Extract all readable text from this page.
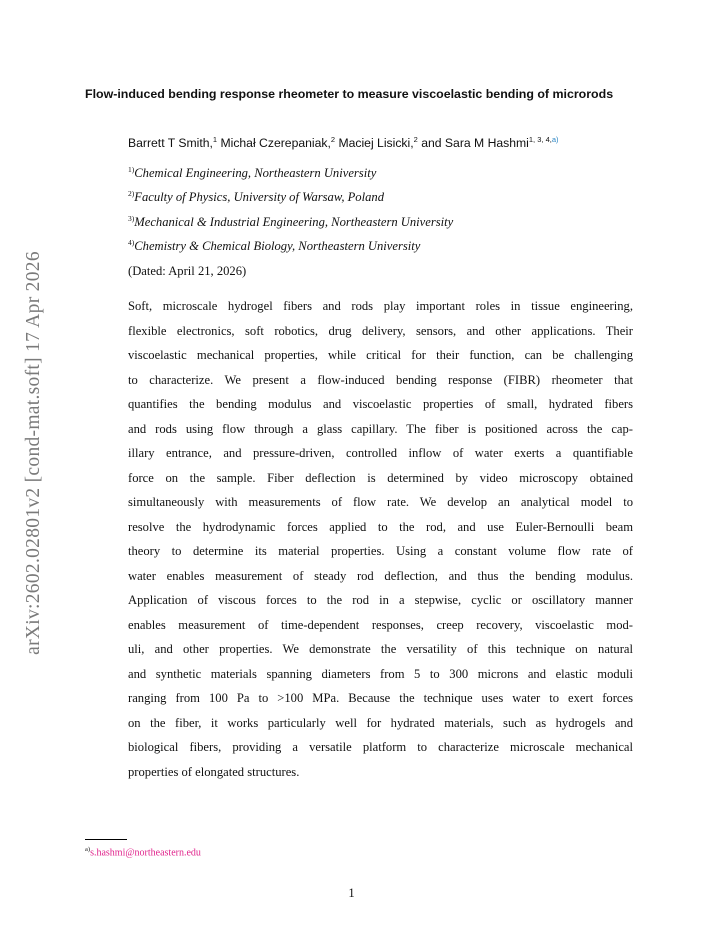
arXiv:2602.02801v2 [cond-mat.soft] 17 Apr 2026
Flow-induced bending response rheometer to measure viscoelastic bending of microrods
Barrett T Smith,$^1$ Michał Czerepaniak,$^2$ Maciej Lisicki,$^2$ and Sara M Hashmi$^{1, 3, 4,a)}$
$^{1)}$Chemical Engineering, Northeastern University
$^{2)}$Faculty of Physics, University of Warsaw, Poland
$^{3)}$Mechanical & Industrial Engineering, Northeastern University
$^{4)}$Chemistry & Chemical Biology, Northeastern University
(Dated: April 21, 2026)
Soft, microscale hydrogel fibers and rods play important roles in tissue engineering,
flexible electronics, soft robotics, drug delivery, sensors, and other applications. Their
viscoelastic mechanical properties, while critical for their function, can be challenging
to characterize. We present a flow-induced bending response (FIBR) rheometer that
quantifies the bending modulus and viscoelastic properties of small, hydrated fibers
and rods using flow through a glass capillary. The fiber is positioned across the cap-
illary entrance, and pressure-driven, controlled inflow of water exerts a quantifiable
force on the sample. Fiber deflection is determined by video microscopy obtained
simultaneously with measurements of flow rate. We develop an analytical model to
resolve the hydrodynamic forces applied to the rod, and use Euler-Bernoulli beam
theory to determine its material properties. Using a constant volume flow rate of
water enables measurement of steady rod deflection, and thus the bending modulus.
Application of viscous forces to the rod in a stepwise, cyclic or oscillatory manner
enables measurement of time-dependent responses, creep recovery, viscoelastic mod-
uli, and other properties. We demonstrate the versatility of this technique on natural
and synthetic materials spanning diameters from 5 to 300 microns and elastic moduli
ranging from 100 Pa to >100 MPa. Because the technique uses water to exert forces
on the fiber, it works particularly well for hydrated materials, such as hydrogels and
biological fibers, providing a versatile platform to characterize microscale mechanical
properties of elongated structures.
$^{a)}$s.hashmi@northeastern.edu
1
